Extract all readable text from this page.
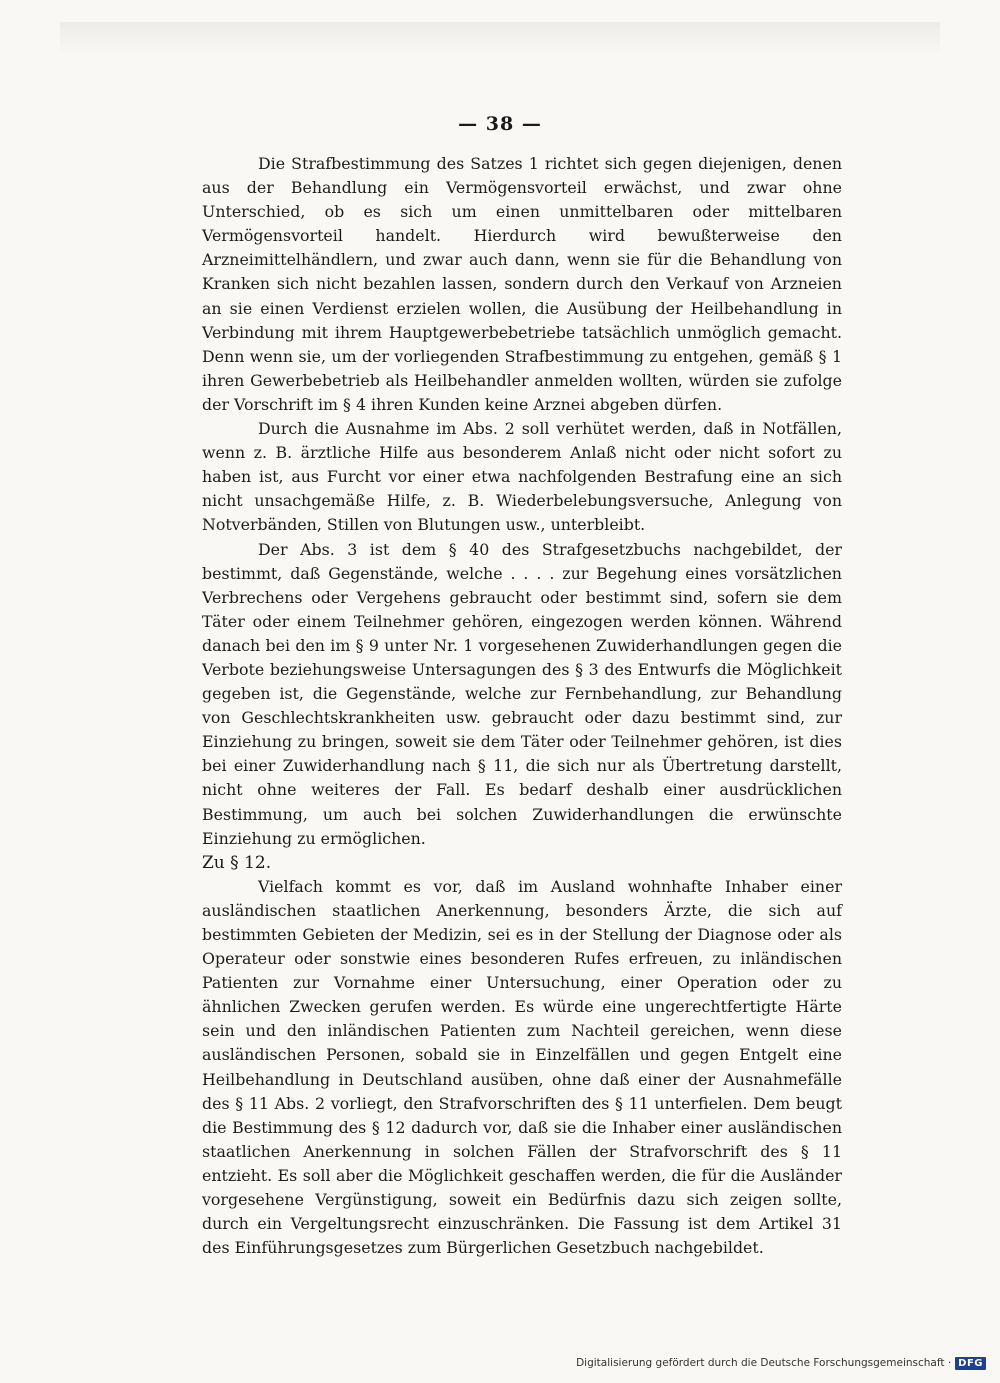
— 38 —

Die Strafbestimmung des Satzes 1 richtet sich gegen diejenigen, denen aus der Behandlung ein Vermögensvorteil erwächst, und zwar ohne Unterschied, ob es sich um einen unmittelbaren oder mittelbaren Vermögensvorteil handelt. Hierdurch wird bewußterweise den Arzneimittelhändlern, und zwar auch dann, wenn sie für die Behandlung von Kranken sich nicht bezahlen lassen, sondern durch den Verkauf von Arzneien an sie einen Verdienst erzielen wollen, die Ausübung der Heilbehandlung in Verbindung mit ihrem Hauptgewerbebetriebe tatsächlich unmöglich gemacht. Denn wenn sie, um der vorliegenden Strafbestimmung zu entgehen, gemäß § 1 ihren Gewerbebetrieb als Heilbehandler anmelden wollten, würden sie zufolge der Vorschrift im § 4 ihren Kunden keine Arznei abgeben dürfen.

Durch die Ausnahme im Abs. 2 soll verhütet werden, daß in Notfällen, wenn z. B. ärztliche Hilfe aus besonderem Anlaß nicht oder nicht sofort zu haben ist, aus Furcht vor einer etwa nachfolgenden Bestrafung eine an sich nicht unsachgemäße Hilfe, z. B. Wiederbelebungsversuche, Anlegung von Notverbänden, Stillen von Blutungen usw., unterbleibt.

Der Abs. 3 ist dem § 40 des Strafgesetzbuchs nachgebildet, der bestimmt, daß Gegenstände, welche . . . . zur Begehung eines vorsätzlichen Verbrechens oder Vergehens gebraucht oder bestimmt sind, sofern sie dem Täter oder einem Teilnehmer gehören, eingezogen werden können. Während danach bei den im § 9 unter Nr. 1 vorgesehenen Zuwiderhandlungen gegen die Verbote beziehungsweise Untersagungen des § 3 des Entwurfs die Möglichkeit gegeben ist, die Gegenstände, welche zur Fernbehandlung, zur Behandlung von Geschlechtskrankheiten usw. gebraucht oder dazu bestimmt sind, zur Einziehung zu bringen, soweit sie dem Täter oder Teilnehmer gehören, ist dies bei einer Zuwiderhandlung nach § 11, die sich nur als Übertretung darstellt, nicht ohne weiteres der Fall. Es bedarf deshalb einer ausdrücklichen Bestimmung, um auch bei solchen Zuwiderhandlungen die erwünschte Einziehung zu ermöglichen.

Zu § 12.

Vielfach kommt es vor, daß im Ausland wohnhafte Inhaber einer ausländischen staatlichen Anerkennung, besonders Ärzte, die sich auf bestimmten Gebieten der Medizin, sei es in der Stellung der Diagnose oder als Operateur oder sonstwie eines besonderen Rufes erfreuen, zu inländischen Patienten zur Vornahme einer Untersuchung, einer Operation oder zu ähnlichen Zwecken gerufen werden. Es würde eine ungerechtfertigte Härte sein und den inländischen Patienten zum Nachteil gereichen, wenn diese ausländischen Personen, sobald sie in Einzelfällen und gegen Entgelt eine Heilbehandlung in Deutschland ausüben, ohne daß einer der Ausnahmefälle des § 11 Abs. 2 vorliegt, den Strafvorschriften des § 11 unterfielen. Dem beugt die Bestimmung des § 12 dadurch vor, daß sie die Inhaber einer ausländischen staatlichen Anerkennung in solchen Fällen der Strafvorschrift des § 11 entzieht. Es soll aber die Möglichkeit geschaffen werden, die für die Ausländer vorgesehene Vergünstigung, soweit ein Bedürfnis dazu sich zeigen sollte, durch ein Vergeltungsrecht einzuschränken. Die Fassung ist dem Artikel 31 des Einführungsgesetzes zum Bürgerlichen Gesetzbuch nachgebildet.

Digitalisierung gefördert durch die Deutsche Forschungsgemeinschaft · DFG
